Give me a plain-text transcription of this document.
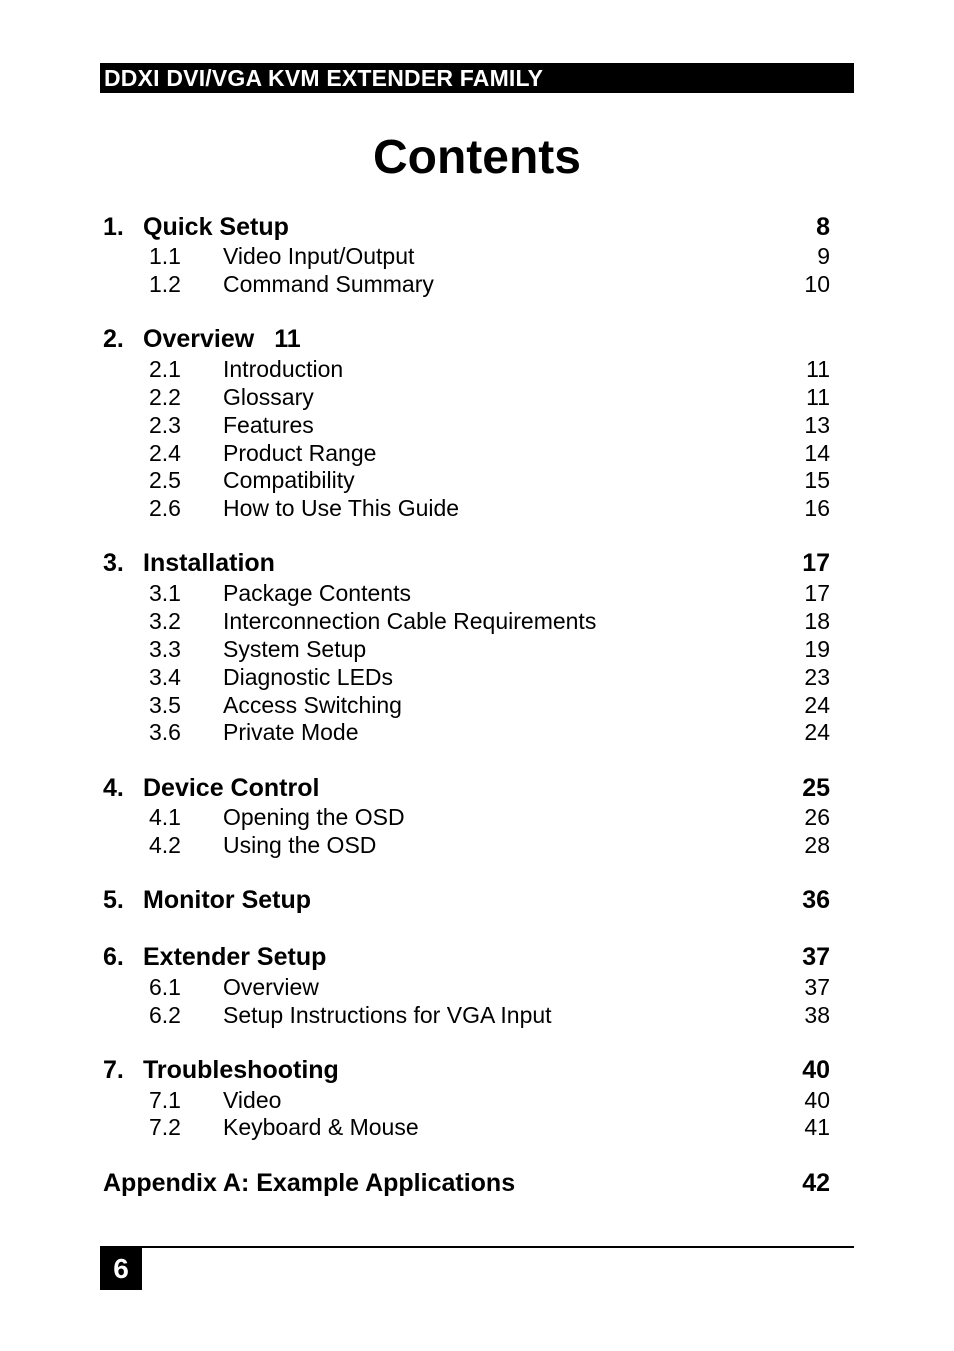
DDXI DVI/VGA KVM EXTENDER FAMILY
Contents
1. Quick Setup	8
1.1 Video Input/Output	9
1.2 Command Summary	10
2. Overview 11
2.1 Introduction	11
2.2 Glossary	11
2.3 Features	13
2.4 Product Range	14
2.5 Compatibility	15
2.6 How to Use This Guide	16
3. Installation	17
3.1 Package Contents	17
3.2 Interconnection Cable Requirements	18
3.3 System Setup	19
3.4 Diagnostic LEDs	23
3.5 Access Switching	24
3.6 Private Mode	24
4. Device Control	25
4.1 Opening the OSD	26
4.2 Using the OSD	28
5. Monitor Setup	36
6. Extender Setup	37
6.1 Overview	37
6.2 Setup Instructions for VGA Input	38
7. Troubleshooting	40
7.1 Video	40
7.2 Keyboard & Mouse	41
Appendix A: Example Applications	42
6
